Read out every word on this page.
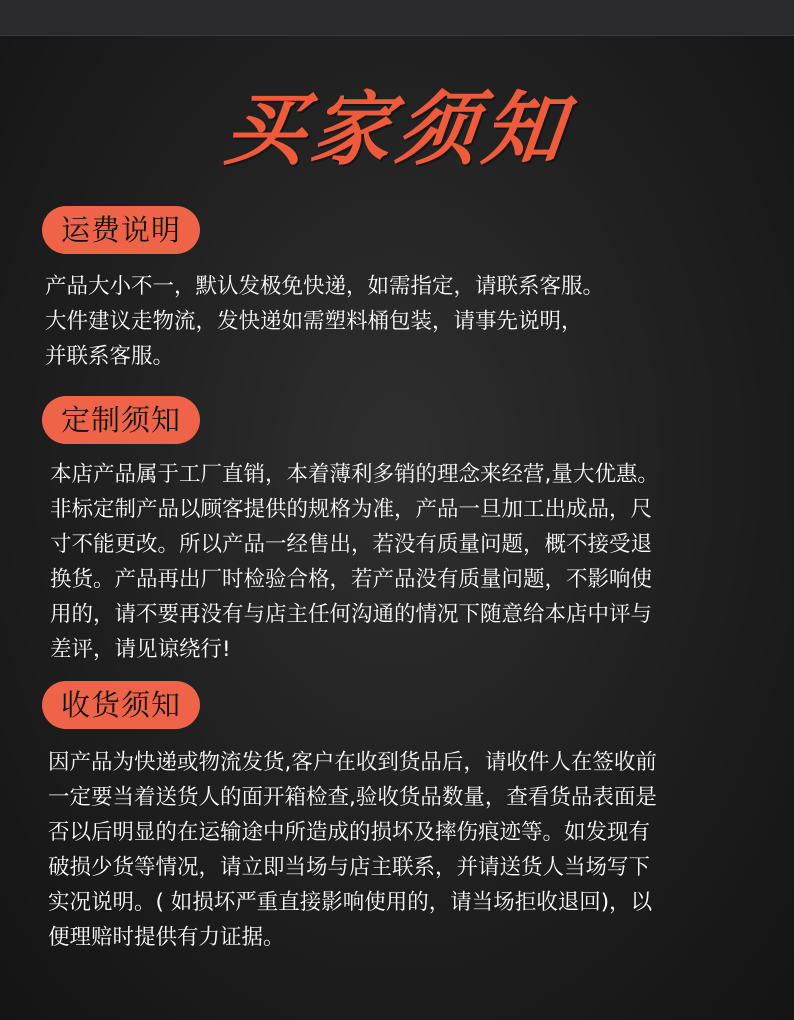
买家须知
运费说明
产品大小不一，默认发极免快递，如需指定，请联系客服。
大件建议走物流，发快递如需塑料桶包装，请事先说明，
并联系客服。
定制须知
本店产品属于工厂直销，本着薄利多销的理念来经营,量大优惠。
非标定制产品以顾客提供的规格为准，产品一旦加工出成品，尺
寸不能更改。所以产品一经售出，若没有质量问题，概不接受退
换货。产品再出厂时检验合格，若产品没有质量问题，不影响使
用的，请不要再没有与店主任何沟通的情况下随意给本店中评与
差评，请见谅绕行!
收货须知
因产品为快递或物流发货,客户在收到货品后，请收件人在签收前
一定要当着送货人的面开箱检查,验收货品数量，查看货品表面是
否以后明显的在运输途中所造成的损坏及摔伤痕迹等。如发现有
破损少货等情况，请立即当场与店主联系，并请送货人当场写下
实况说明。( 如损坏严重直接影响使用的，请当场拒收退回)，以
便理赔时提供有力证据。
